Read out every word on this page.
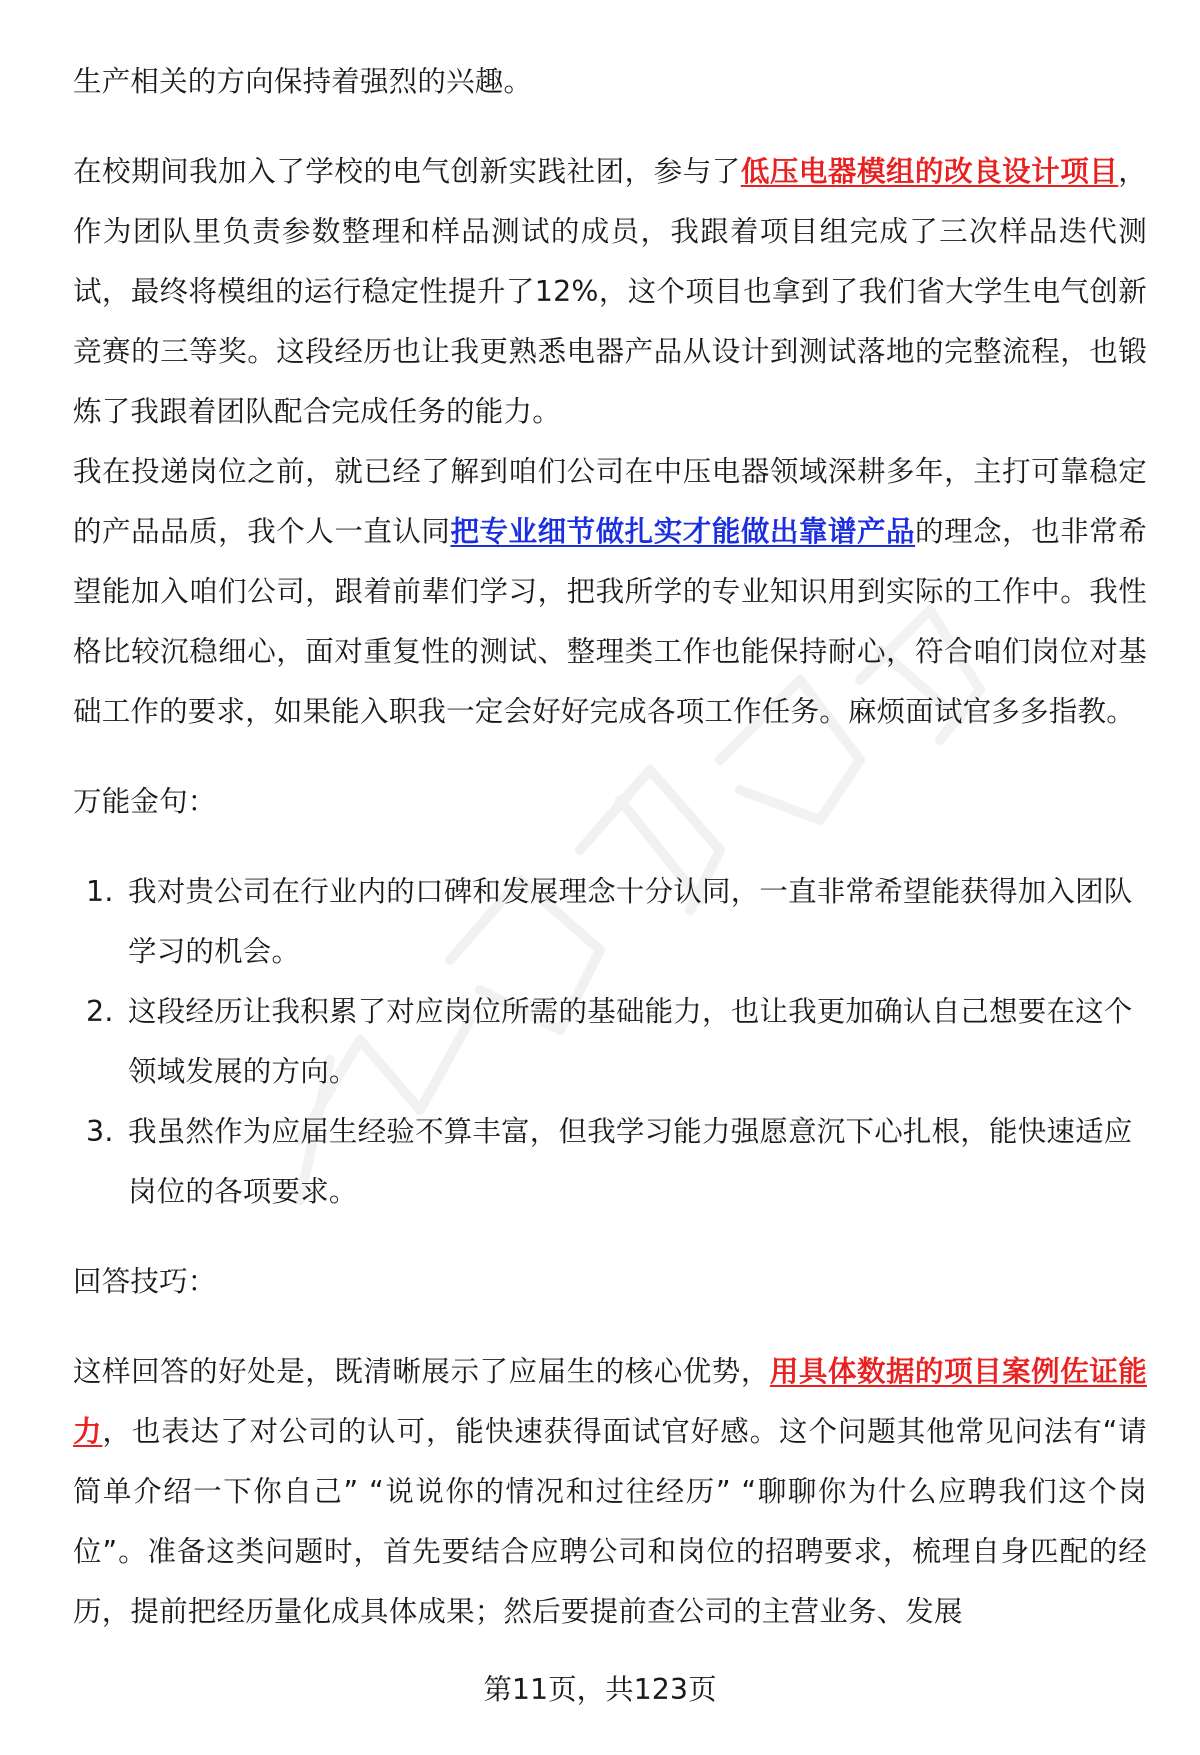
生产相关的方向保持着强烈的兴趣。

在校期间我加入了学校的电气创新实践社团，参与了低压电器模组的改良设计项目，作为团队里负责参数整理和样品测试的成员，我跟着项目组完成了三次样品迭代测试，最终将模组的运行稳定性提升了12%，这个项目也拿到了我们省大学生电气创新竞赛的三等奖。这段经历也让我更熟悉电器产品从设计到测试落地的完整流程，也锻炼了我跟着团队配合完成任务的能力。

我在投递岗位之前，就已经了解到咱们公司在中压电器领域深耕多年，主打可靠稳定的产品品质，我个人一直认同把专业细节做扎实才能做出靠谱产品的理念，也非常希望能加入咱们公司，跟着前辈们学习，把我所学的专业知识用到实际的工作中。我性格比较沉稳细心，面对重复性的测试、整理类工作也能保持耐心，符合咱们岗位对基础工作的要求，如果能入职我一定会好好完成各项工作任务。麻烦面试官多多指教。

万能金句：

1. 我对贵公司在行业内的口碑和发展理念十分认同，一直非常希望能获得加入团队学习的机会。
2. 这段经历让我积累了对应岗位所需的基础能力，也让我更加确认自己想要在这个领域发展的方向。
3. 我虽然作为应届生经验不算丰富，但我学习能力强愿意沉下心扎根，能快速适应岗位的各项要求。

回答技巧：

这样回答的好处是，既清晰展示了应届生的核心优势，用具体数据的项目案例佐证能力，也表达了对公司的认可，能快速获得面试官好感。这个问题其他常见问法有“请简单介绍一下你自己” “说说你的情况和过往经历” “聊聊你为什么应聘我们这个岗位”。准备这类问题时，首先要结合应聘公司和岗位的招聘要求，梳理自身匹配的经历，提前把经历量化成具体成果；然后要提前查公司的主营业务、发展

第11页，共123页
